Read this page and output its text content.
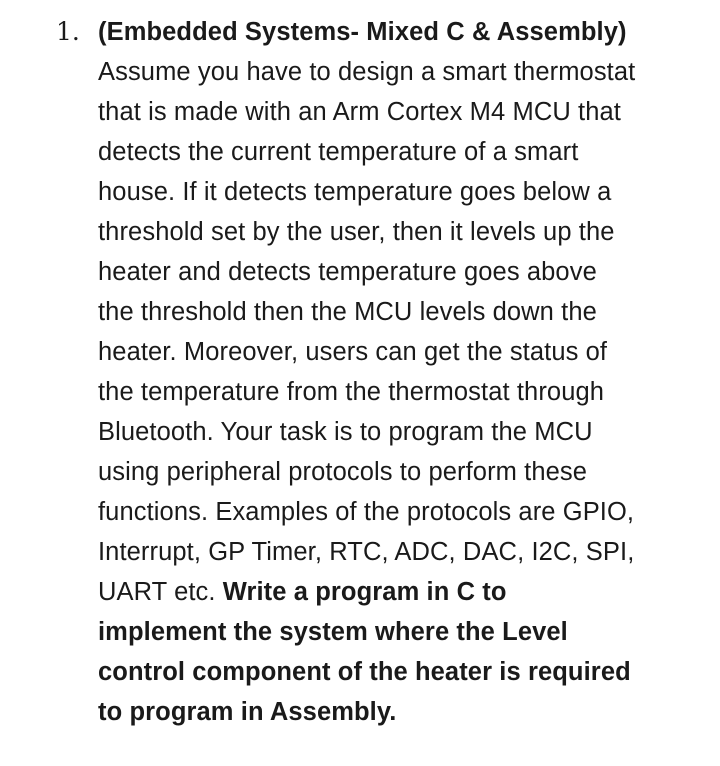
1. (Embedded Systems- Mixed C & Assembly)
Assume you have to design a smart thermostat
that is made with an Arm Cortex M4 MCU that
detects the current temperature of a smart
house. If it detects temperature goes below a
threshold set by the user, then it levels up the
heater and detects temperature goes above
the threshold then the MCU levels down the
heater. Moreover, users can get the status of
the temperature from the thermostat through
Bluetooth. Your task is to program the MCU
using peripheral protocols to perform these
functions. Examples of the protocols are GPIO,
Interrupt, GP Timer, RTC, ADC, DAC, I2C, SPI,
UART etc. Write a program in C to
implement the system where the Level
control component of the heater is required
to program in Assembly.
